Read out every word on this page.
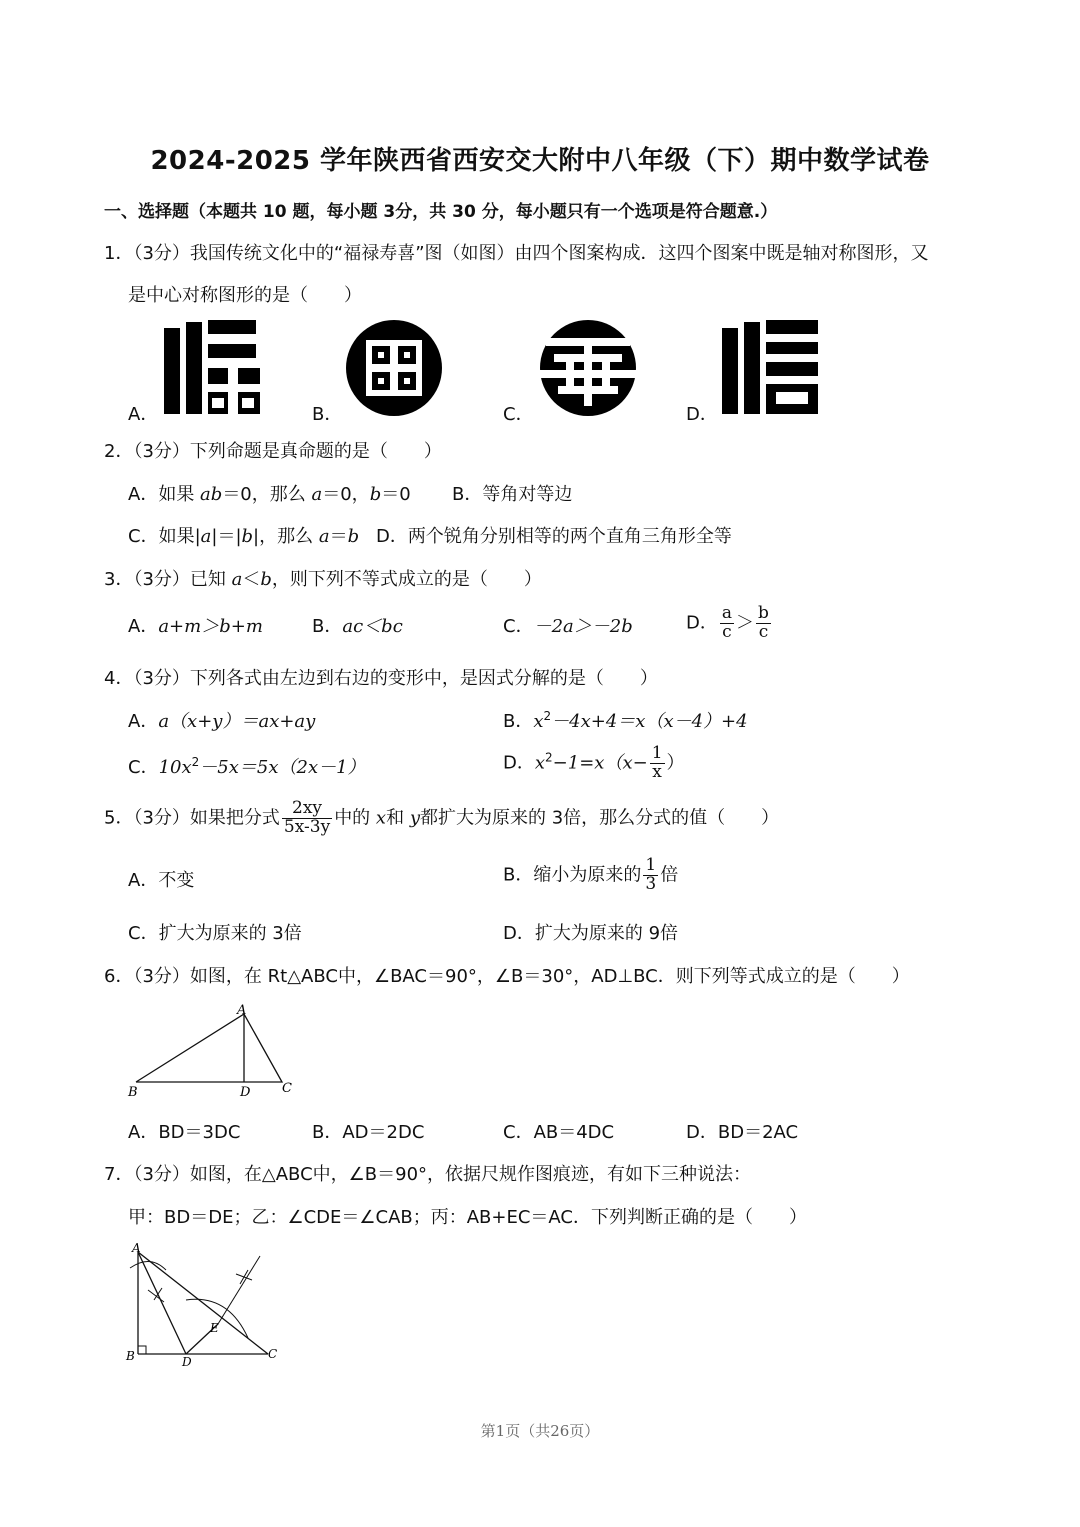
2024-2025 学年陕西省西安交大附中八年级（下）期中数学试卷
一、选择题（本题共 10 题，每小题 3分，共 30 分，每小题只有一个选项是符合题意.）
1．（3分）我国传统文化中的“福禄寿喜”图（如图）由四个图案构成．这四个图案中既是轴对称图形，又
是中心对称图形的是（　　）
A．	B．	C．	D．
2．（3分）下列命题是真命题的是（　　）
A．如果 ab＝0，那么 a＝0，b＝0 B．等角对等边
C．如果|a|＝|b|，那么 a＝b D．两个锐角分别相等的两个直角三角形全等
3．（3分）已知 a＜b，则下列不等式成立的是（　　）
A．a+m＞b+m	B．ac＜bc	C．－2a＞－2b	D． $\frac{a}{c} > \frac{b}{c}$
4．（3分）下列各式由左边到右边的变形中，是因式分解的是（　　）
A．a（x+y）＝ax+ay	B．$x^2-4x+4=x(x-4)+4$
C．$10x^2-5x=5x(2x-1)$	D．$x^2-1=x(x- \frac{1}{x}$ ）
5．（3分）如果把分式 $\frac{2xy}{5x-3y}$ 中的 x和 y都扩大为原来的 3倍，那么分式的值（　　）
A．不变	B．缩小为原来的 $\frac{1}{3}$ 倍
C．扩大为原来的 3倍	D．扩大为原来的 9倍
6．（3分）如图，在 Rt△ABC中，∠BAC＝90°，∠B＝30°，AD⊥BC．则下列等式成立的是（　　）
A
B	C
D
A．BD＝3DC	B．AD＝2DC	C．AB＝4DC	D．BD＝2AC
7．（3分）如图，在△ABC中，∠B＝90°，依据尺规作图痕迹，有如下三种说法：
甲：BD＝DE；乙：∠CDE＝∠CAB；丙：AB+EC＝AC．下列判断正确的是（　　）
A
B	C
D
E
第1页（共26页）
